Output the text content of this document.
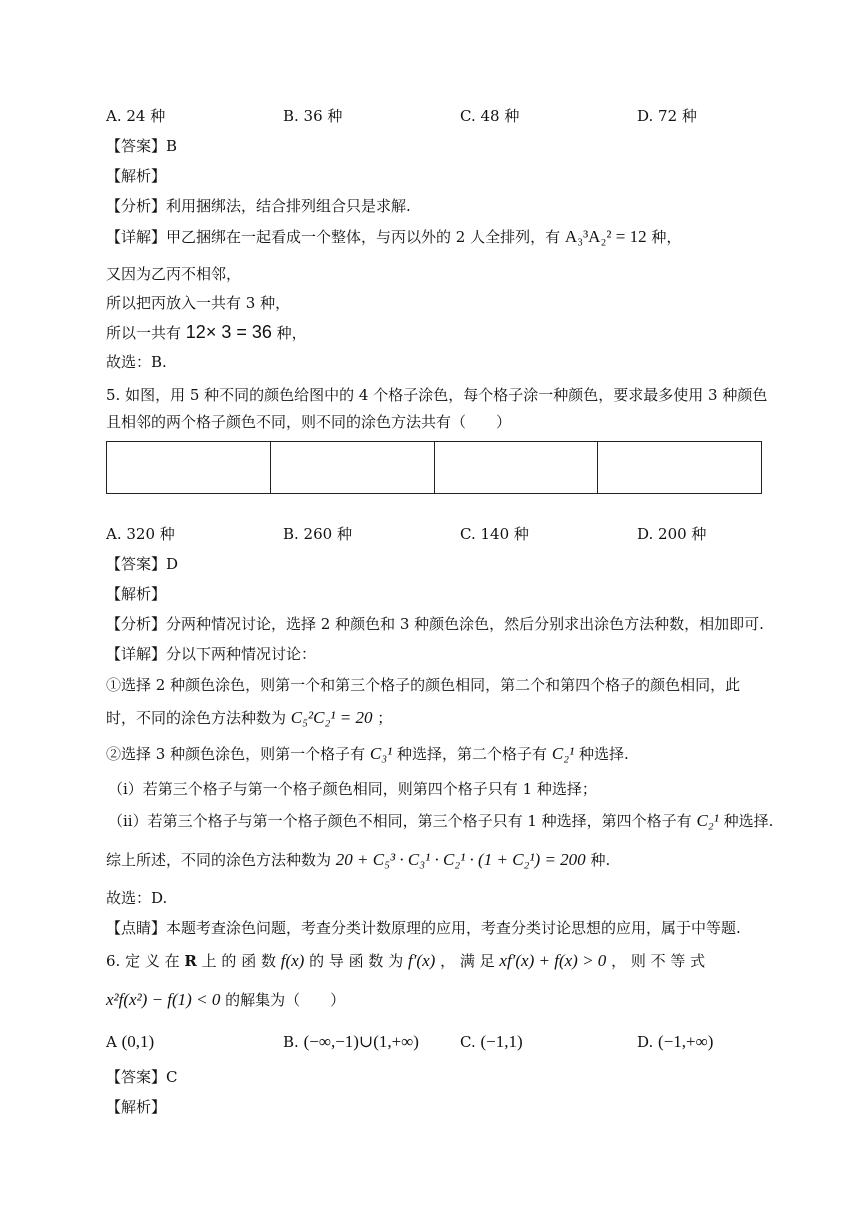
A. 24 种	B. 36 种	C. 48 种	D. 72 种
【答案】B
【解析】
【分析】利用捆绑法，结合排列组合只是求解.
【详解】甲乙捆绑在一起看成一个整体，与丙以外的 2 人全排列，有 A₃³A₂² = 12 种，
又因为乙丙不相邻，
所以把丙放入一共有 3 种，
所以一共有 12× 3 = 36 种，
故选：B.
5. 如图，用 5 种不同的颜色给图中的 4 个格子涂色，每个格子涂一种颜色，要求最多使用 3 种颜色
且相邻的两个格子颜色不同，则不同的涂色方法共有（　　）
A. 320 种	B. 260 种	C. 140 种	D. 200 种
【答案】D
【解析】
【分析】分两种情况讨论，选择 2 种颜色和 3 种颜色涂色，然后分别求出涂色方法种数，相加即可.
【详解】分以下两种情况讨论：
①选择 2 种颜色涂色，则第一个和第三个格子的颜色相同，第二个和第四个格子的颜色相同，此
时，不同的涂色方法种数为 C₅²C₂¹ = 20 ；
②选择 3 种颜色涂色，则第一个格子有 C₃¹ 种选择，第二个格子有 C₂¹ 种选择.
（i）若第三个格子与第一个格子颜色相同，则第四个格子只有 1 种选择；
（ii）若第三个格子与第一个格子颜色不相同，第三个格子只有 1 种选择，第四个格子有 C₂¹ 种选择.
综上所述，不同的涂色方法种数为 20 + C₅³ · C₃¹ · C₂¹ · (1 + C₂¹) = 200 种.
故选：D.
【点睛】本题考查涂色问题，考查分类计数原理的应用，考查分类讨论思想的应用，属于中等题.
6. 定 义 在 R 上 的 函 数 f(x) 的 导 函 数 为 f′(x) ， 满 足 xf′(x) + f(x) > 0 ， 则 不 等 式
x²f(x²) − f(1) < 0 的解集为（　　）
A (0,1)	B. (−∞,−1)∪(1,+∞)	C. (−1,1)	D. (−1,+∞)
【答案】C
【解析】
